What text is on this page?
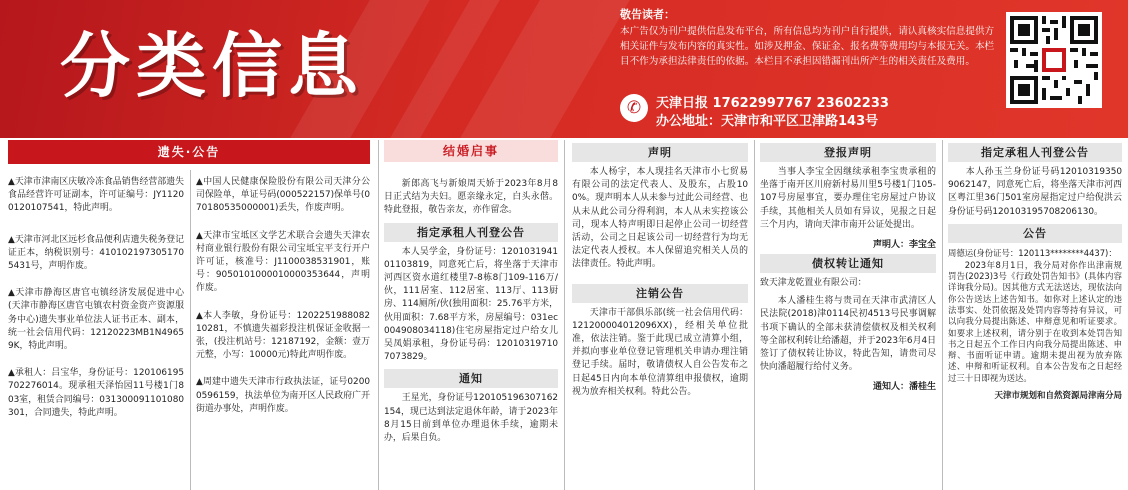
分类信息
敬告读者：
本广告仅为刊户提供信息发布平台，所有信息均为刊户自行提供，请认真核实信息提供方相关证件与发布内容的真实性。如涉及押金、保证金、报名费等费用均与本报无关。本栏目不作为承担法律责任的依据。本栏目不承担因错漏刊出所产生的相关责任及费用。
✆	天津日报 17622997767 23602233
办公地址：天津市和平区卫津路143号
遗失·公告

▲天津市津南区庆敏冷冻食品销售经营部遗失食品经营许可证副本，许可证编号：JY11200120107541，特此声明。

▲天津市河北区远杉食品便利店遗失税务登记证正本，纳税识别号：410102197305170543​1号，声明作废。

▲天津市静海区唐官屯镇经济发展促进中心(天津市静海区唐官屯镇农村资金资产资源服务中心)遗失事业单位法人证书正本、副本，统一社会信用代码：12120223MB1N49659K，特此声明。

▲承租人：吕宝华，身份证号：120106195702276014。现承租天泽怡园11号楼1门803室，租赁合同编号：031300091101080301，合同遗失，特此声明。

▲中国人民健康保险股份有限公司天津分公司保险单，单证号码(000522157)保单号(070180535000001)丢失，作废声明。

▲天津市宝坻区文学艺术联合会遗失天津农村商业银行股份有限公司宝坻宝平支行开户许可证，核准号：J1100038531901，账号：9050101000010000353644，声明作废。

▲本人李敏，身份证号：120225198808210281，不慎遗失福彩投注机保证金收据一张，(投注机站号：12187192，金额：壹万元整，小写：10000元)特此声明作废。

▲周建中遗失天津市行政执法证，证号02000596159，执法单位为南开区人民政府广开街道办事处，声明作废。

结婚启事

新郎高飞与新娘周天娇于2023年8月8日正式结为夫妇。愿亲缘永定，白头永偕。特此登报，敬告亲友，亦作留念。

指定承租人刊登公告

本人吴学金，身份证号：120103194101103819，同意死亡后，将坐落于天津市河西区资水道红楼里7-8栋8门109-116万/伙，111居室、112居室、113厅、113厨房、114厕所/伙(独用面积：25.76平方米，伙用面积：7.68平方米，房屋编号：031ec004908034118)住宅房屋指定过户给女儿吴凤娟承租，身份证号码：120103197107073829。

通知

王星光，身份证号120105196307162154，现已达到法定退休年龄，请于2023年8月15日前到单位办理退休手续，逾期未办，后果自负。

声明

本人杨宇，本人现挂名天津市小七贸易有限公司的法定代表人、及股东，占股100%。现声明本人从未参与过此公司经营、也从未从此公司分得利润，本人从未实控该公司，现本人特声明即日起停止公司一切经营活动，公司之日起该公司一切经营行为均无法定代表人授权。本人保留追究相关人员的法律责任。特此声明。

注销公告

天津市干部俱乐部(统一社会信用代码：121200004012096XX)，经相关单位批准，依法注销。鉴于此现已成立清算小组，并拟向事业单位登记管理机关申请办理注销登记手续。届时，敬请债权人自公告发布之日起45日内向本单位清算组申报债权，逾期视为放弃相关权利。特此公告。

登报声明

当事人李宝全因继续承租李宝贵承租的坐落于南开区川府新村易川里5号楼1门105-107号房屋事宜，要办理住宅房屋过户协议手续，其他相关人员如有异议，见报之日起三个月内，请向天津市南开公证处提出。

声明人：李宝全
债权转让通知

致天津龙乾置业有限公司：

本人潘桂生将与贵司在天津市武清区人民法院(2018)津0114民初4513号民事调解书项下确认的全部未获清偿债权及相关权利等全部权利转让给潘超，并于2023年6月4日签订了债权转让协议，特此告知，请贵司尽快向潘超履行给付义务。

通知人：潘桂生
指定承租人刊登公告

本人孙玉兰身份证号码120103193509062147，同意死亡后，将坐落天津市河西区粤江里36门501室房屋指定过户给倪洪云身份证号码120103195708206130。

公告

周德运(身份证号：120113********4437)：

2023年8月1日，我分局对你作出津南规罚告(2023)3号《行政处罚告知书》(具体内容详询我分局)。因其他方式无法送达，现依法向你公告送达上述告知书。如你对上述认定的违法事实、处罚依据及处罚内容等持有异议，可以向我分局提出陈述、申辩意见和听证要求。如要求上述权利，请分别于在收到本处罚告知书之日起五个工作日内向我分局提出陈述、申辩、书面听证申请。逾期未提出视为放弃陈述、申辩和听证权利。自本公告发布之日起经过三十日即视为送达。

天津市规划和自然资源局津南分局
